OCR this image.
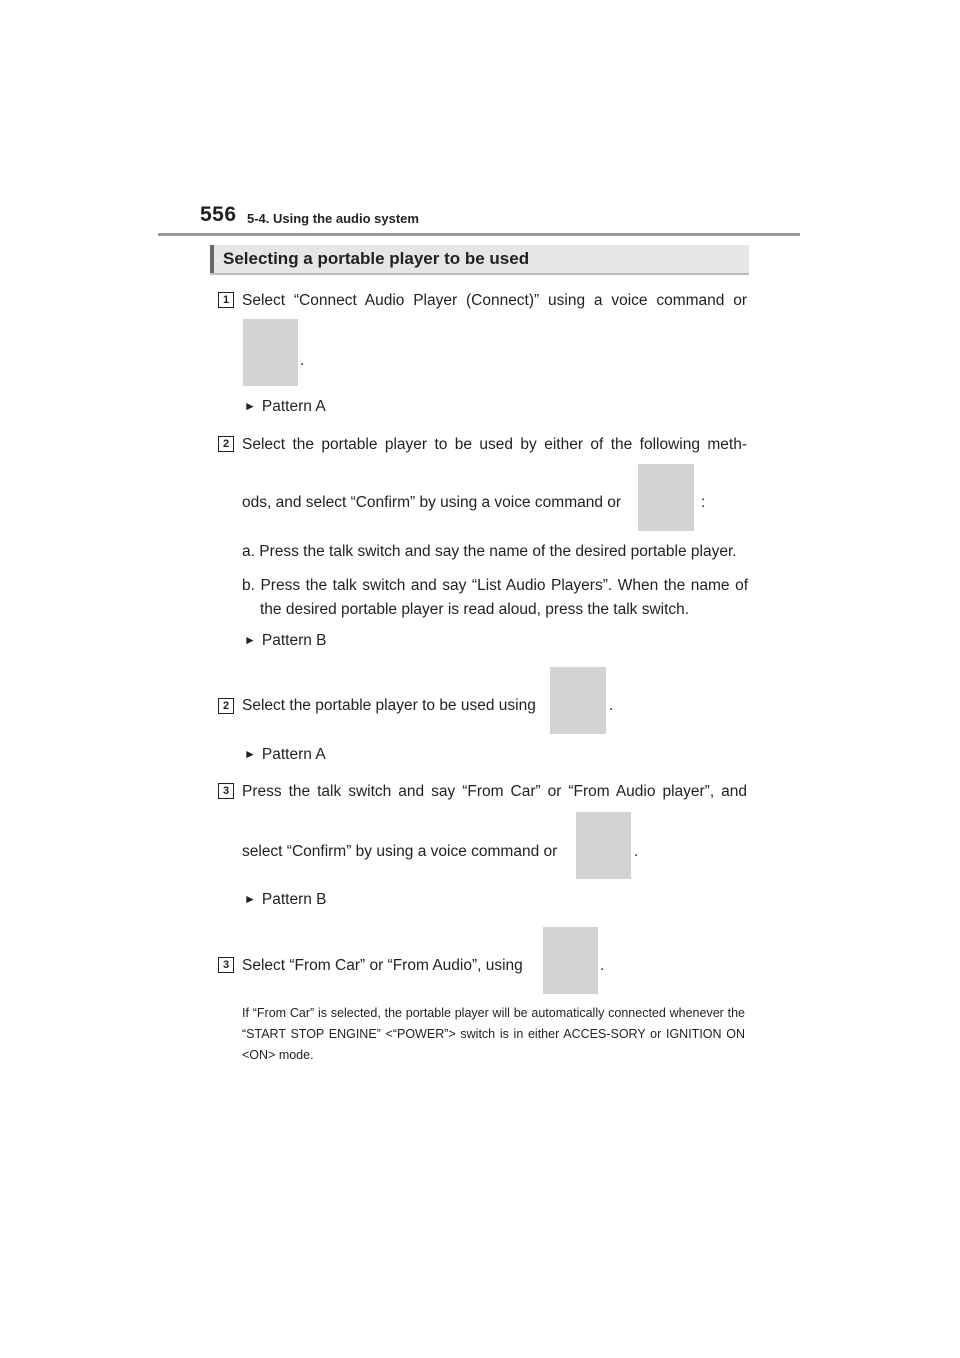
556 5-4. Using the audio system
Selecting a portable player to be used
1 Select “Connect Audio Player (Connect)” using a voice command or
.
► Pattern A
2 Select the portable player to be used by either of the following meth-
ods, and select “Confirm” by using a voice command or	:
a. Press the talk switch and say the name of the desired portable player.
b. Press the talk switch and say “List Audio Players”. When the name of
the desired portable player is read aloud, press the talk switch.
► Pattern B
2 Select the portable player to be used using	.
► Pattern A
3 Press the talk switch and say “From Car” or “From Audio player”, and
select “Confirm” by using a voice command or	.
► Pattern B
3 Select “From Car” or “From Audio”, using	.
If “From Car” is selected, the portable player will be automatically connected whenever the “START STOP ENGINE” <“POWER”> switch is in either ACCES-SORY or IGNITION ON <ON> mode.
